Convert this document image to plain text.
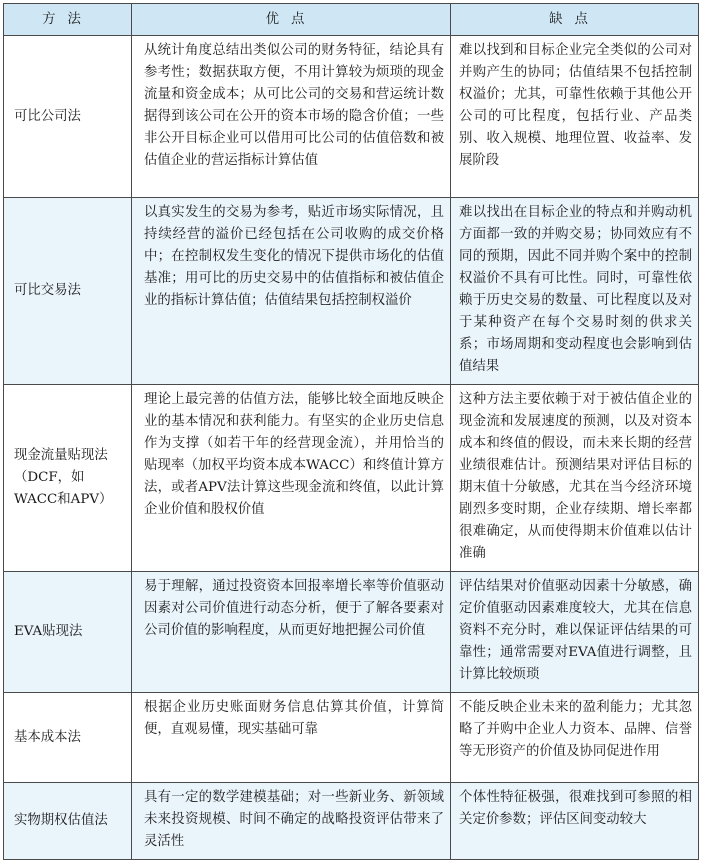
方法	优点	缺点
可比公司法	从统计角度总结出类似公司的财务特征，结论具有参考性；数据获取方便，不用计算较为烦琐的现金流量和资金成本；从可比公司的交易和营运统计数据得到该公司在公开的资本市场的隐含价值；一些非公开目标企业可以借用可比公司的估值倍数和被估值企业的营运指标计算估值	难以找到和目标企业完全类似的公司对并购产生的协同；估值结果不包括控制权溢价；尤其，可靠性依赖于其他公开公司的可比程度，包括行业、产品类别、收入规模、地理位置、收益率、发展阶段
可比交易法	以真实发生的交易为参考，贴近市场实际情况，且持续经营的溢价已经包括在公司收购的成交价格中；在控制权发生变化的情况下提供市场化的估值基准；用可比的历史交易中的估值指标和被估值企业的指标计算估值；估值结果包括控制权溢价	难以找出在目标企业的特点和并购动机方面都一致的并购交易；协同效应有不同的预期，因此不同并购个案中的控制权溢价不具有可比性。同时，可靠性依赖于历史交易的数量、可比程度以及对于某种资产在每个交易时刻的供求关系；市场周期和变动程度也会影响到估值结果
现金流量贴现法（DCF，如WACC和APV）	理论上最完善的估值方法，能够比较全面地反映企业的基本情况和获利能力。有坚实的企业历史信息作为支撑（如若干年的经营现金流），并用恰当的贴现率（加权平均资本成本WACC）和终值计算方法，或者APV法计算这些现金流和终值，以此计算企业价值和股权价值	这种方法主要依赖于对于被估值企业的现金流和发展速度的预测，以及对资本成本和终值的假设，而未来长期的经营业绩很难估计。预测结果对评估目标的期末值十分敏感，尤其在当今经济环境剧烈多变时期，企业存续期、增长率都很难确定，从而使得期末价值难以估计准确
EVA贴现法	易于理解，通过投资资本回报率增长率等价值驱动因素对公司价值进行动态分析，便于了解各要素对公司价值的影响程度，从而更好地把握公司价值	评估结果对价值驱动因素十分敏感，确定价值驱动因素难度较大，尤其在信息资料不充分时，难以保证评估结果的可靠性；通常需要对EVA值进行调整，且计算比较烦琐
基本成本法	根据企业历史账面财务信息估算其价值，计算简便，直观易懂，现实基础可靠	不能反映企业未来的盈利能力；尤其忽略了并购中企业人力资本、品牌、信誉等无形资产的价值及协同促进作用
实物期权估值法	具有一定的数学建模基础；对一些新业务、新领域未来投资规模、时间不确定的战略投资评估带来了灵活性	个体性特征极强，很难找到可参照的相关定价参数；评估区间变动较大
